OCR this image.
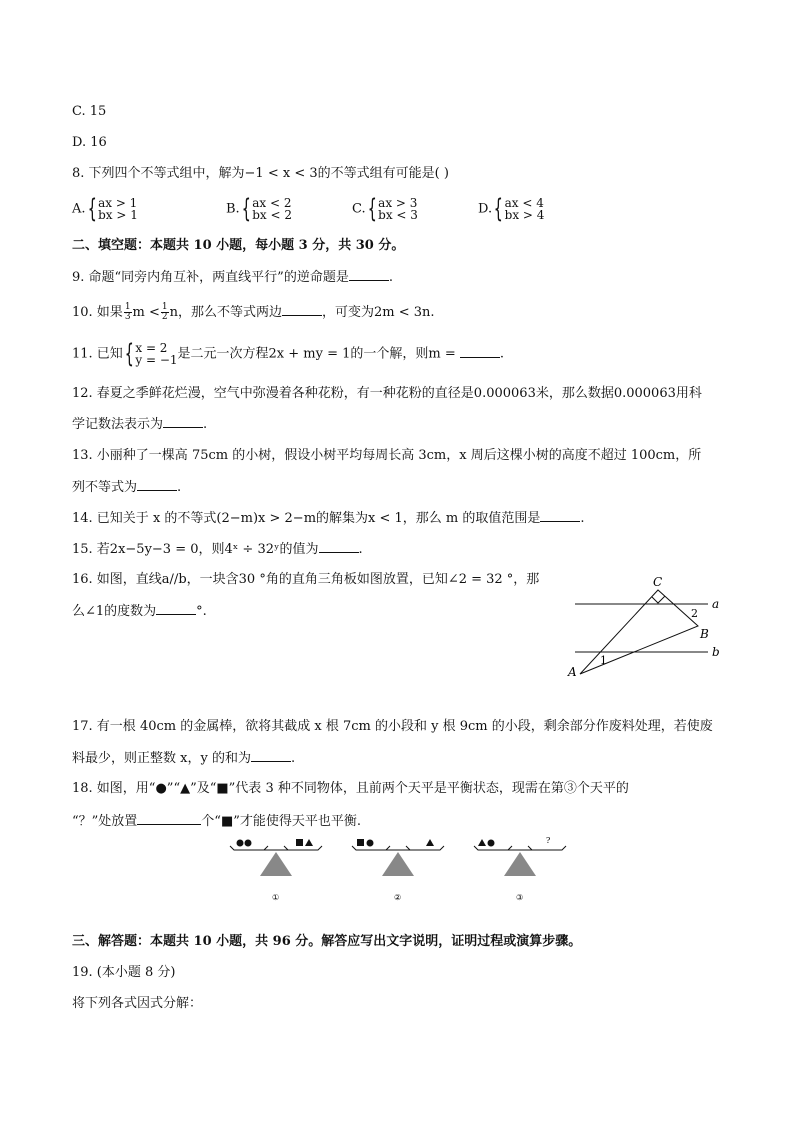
C. 15
D. 16
8. 下列四个不等式组中，解为−1 < x < 3的不等式组有可能是( )
A. { ax > 1
bx > 1	B. { ax < 2
bx < 2	C. { ax > 3
bx < 3	D. { ax < 4
bx > 4
二、填空题：本题共 10 小题，每小题 3 分，共 30 分。
9. 命题“同旁内角互补，两直线平行”的逆命题是	.
10. 如果 $\frac{1}{3}$ $m < \frac{1}{2}$ n，那么不等式两边	，可变为2m < 3n.
11. 已知 { x = 2
y = −1 是二元一次方程2x + my = 1的一个解，则m =	.
12. 春夏之季鲜花烂漫，空气中弥漫着各种花粉，有一种花粉的直径是0.000063米，那么数据0.000063用科
学记数法表示为	.
13. 小丽种了一棵高 75cm 的小树，假设小树平均每周长高 3cm，x 周后这棵小树的高度不超过 100cm，所
列不等式为	.
14. 已知关于 x 的不等式(2−m)x > 2−m的解集为x < 1，那么 m 的取值范围是	.
15. 若2x−5y−3 = 0，则4ˣ ÷ 32ʸ的值为	.
16. 如图，直线a//b，一块含30 °角的直角三角板如图放置，已知∠2 = 32 °，那
么∠1的度数为	°.
C
B
A
a
b
1
2
17. 有一根 40cm 的金属棒，欲将其截成 x 根 7cm 的小段和 y 根 9cm 的小段，剩余部分作废料处理，若使废
料最少，则正整数 x，y 的和为	.
18. 如图，用“●”“▲”及“■”代表 3 种不同物体，且前两个天平是平衡状态，现需在第③个天平的
“？”处放置	个“■”才能使得天平也平衡.
①	②
?
③
三、解答题：本题共 10 小题，共 96 分。解答应写出文字说明，证明过程或演算步骤。
19. (本小题 8 分)
将下列各式因式分解：
